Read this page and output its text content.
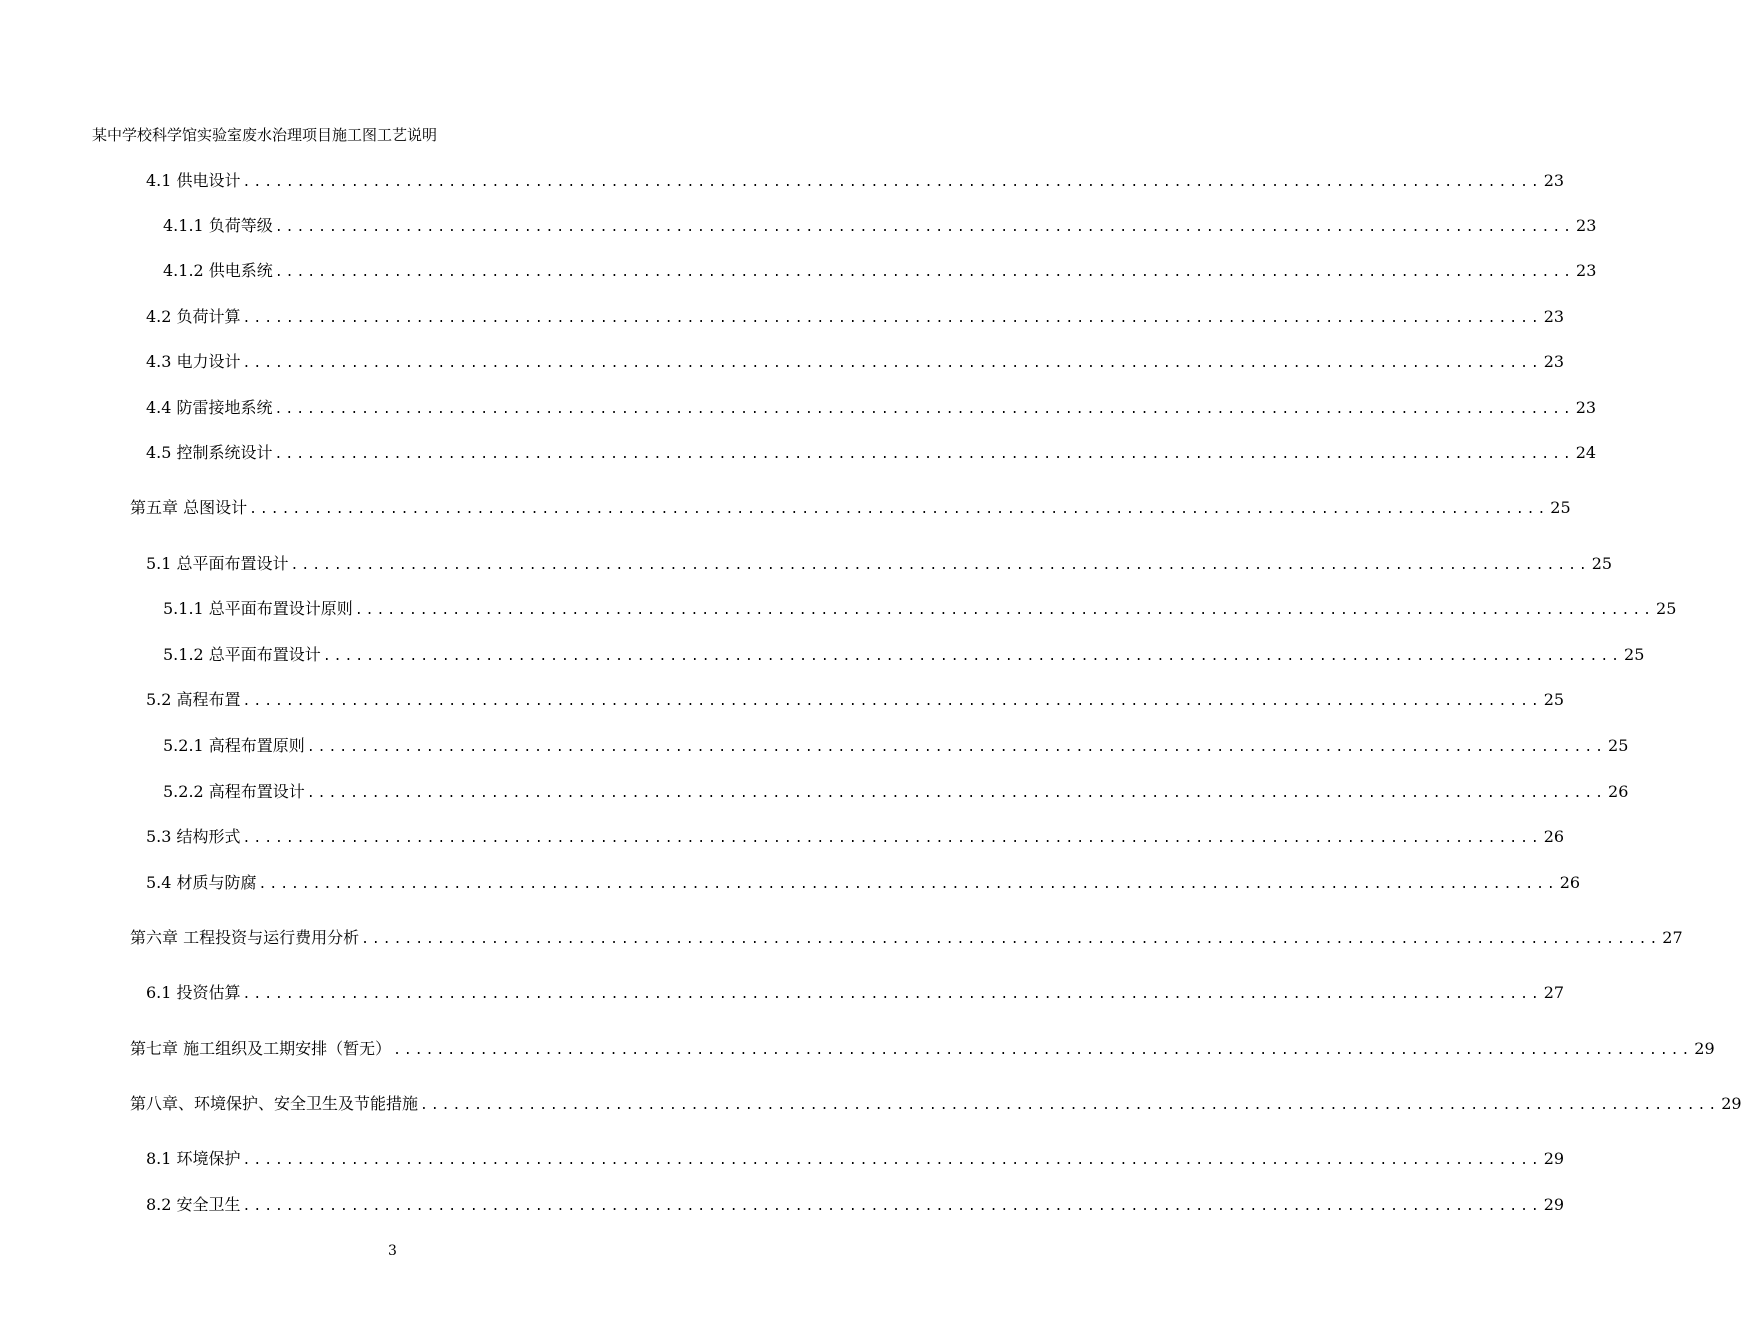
某中学校科学馆实验室废水治理项目施工图工艺说明
4.1 供电设计 ........................................................................................................................ 23
4.1.1 负荷等级 ........................................................................................................................ 23
4.1.2 供电系统 ........................................................................................................................ 23
4.2 负荷计算 ........................................................................................................................ 23
4.3 电力设计 ........................................................................................................................ 23
4.4 防雷接地系统 ........................................................................................................................ 23
4.5 控制系统设计 ........................................................................................................................ 24
第五章 总图设计 ........................................................................................................................ 25
5.1 总平面布置设计 ........................................................................................................................ 25
5.1.1 总平面布置设计原则 ........................................................................................................................ 25
5.1.2 总平面布置设计 ........................................................................................................................ 25
5.2 高程布置 ........................................................................................................................ 25
5.2.1 高程布置原则 ........................................................................................................................ 25
5.2.2 高程布置设计 ........................................................................................................................ 26
5.3 结构形式 ........................................................................................................................ 26
5.4 材质与防腐 ........................................................................................................................ 26
第六章 工程投资与运行费用分析 ........................................................................................................................ 27
6.1 投资估算 ........................................................................................................................ 27
第七章 施工组织及工期安排（暂无） ........................................................................................................................ 29
第八章、环境保护、安全卫生及节能措施 ........................................................................................................................ 29
8.1 环境保护 ........................................................................................................................ 29
8.2 安全卫生 ........................................................................................................................ 29
3
